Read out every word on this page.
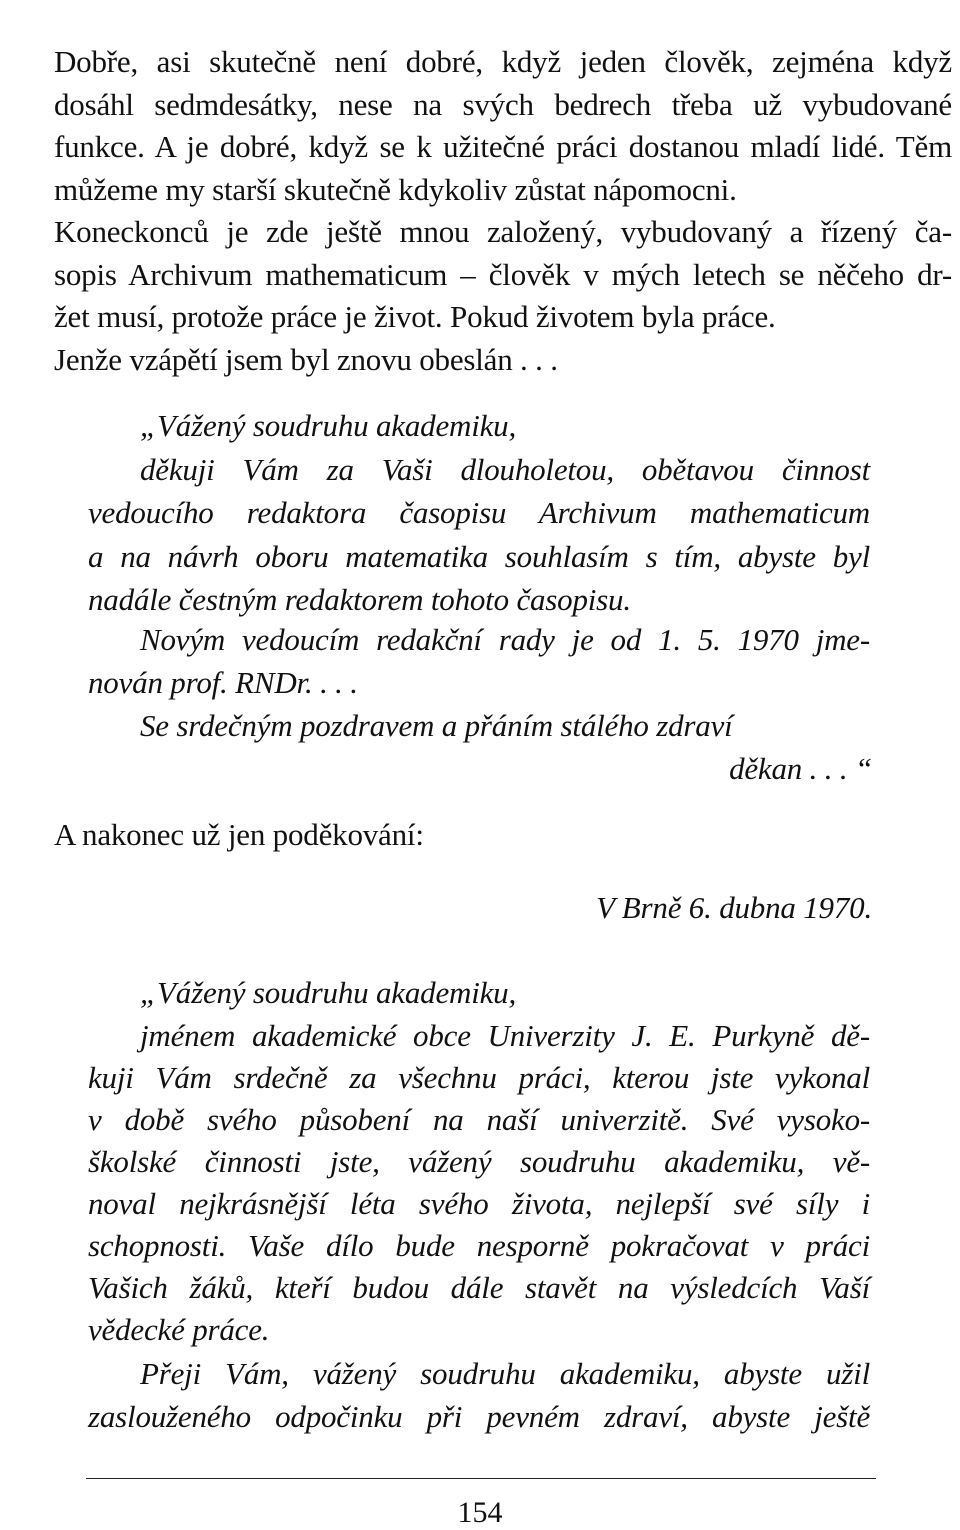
Dobře, asi skutečně není dobré, když jeden člověk, zejména když
dosáhl sedmdesátky, nese na svých bedrech třeba už vybudované
funkce. A je dobré, když se k užitečné práci dostanou mladí lidé. Těm
můžeme my starší skutečně kdykoliv zůstat nápomocni.
Koneckonců je zde ještě mnou založený, vybudovaný a řízený ča-
sopis Archivum mathematicum – člověk v mých letech se něčeho dr-
žet musí, protože práce je život. Pokud životem byla práce.
Jenže vzápětí jsem byl znovu obeslán . . .
„Vážený soudruhu akademiku,
děkuji Vám za Vaši dlouholetou, obětavou činnost
vedoucího redaktora časopisu Archivum mathematicum
a na návrh oboru matematika souhlasím s tím, abyste byl
nadále čestným redaktorem tohoto časopisu.
Novým vedoucím redakční rady je od 1. 5. 1970 jme-
nován prof. RNDr. . . .
Se srdečným pozdravem a přáním stálého zdraví
děkan . . . “
A nakonec už jen poděkování:
V Brně 6. dubna 1970.
„Vážený soudruhu akademiku,
jménem akademické obce Univerzity J. E. Purkyně dě-
kuji Vám srdečně za všechnu práci, kterou jste vykonal
v době svého působení na naší univerzitě. Své vysoko-
školské činnosti jste, vážený soudruhu akademiku, vě-
noval nejkrásnější léta svého života, nejlepší své síly i
schopnosti. Vaše dílo bude nesporně pokračovat v práci
Vašich žáků, kteří budou dále stavět na výsledcích Vaší
vědecké práce.
Přeji Vám, vážený soudruhu akademiku, abyste užil
zaslouženého odpočinku při pevném zdraví, abyste ještě
154
